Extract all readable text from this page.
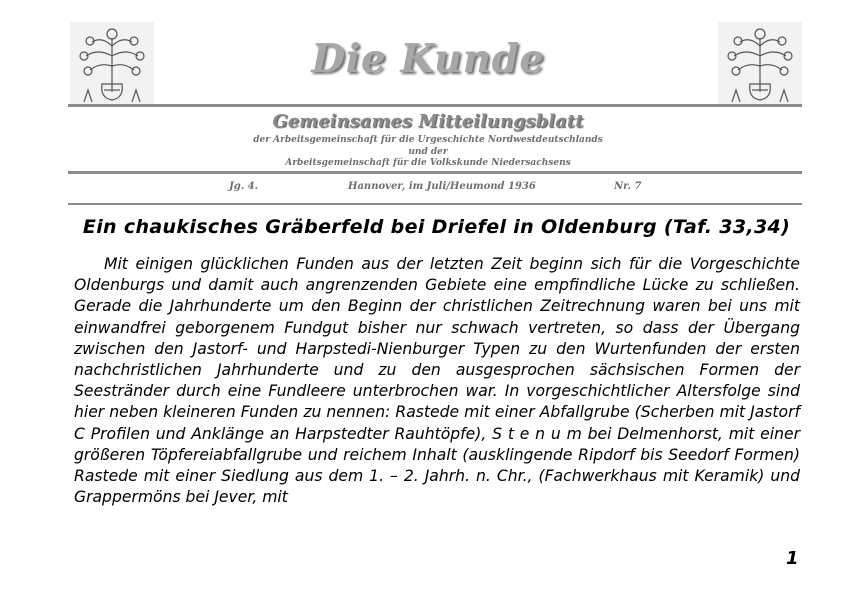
Die Kunde
Gemeinsames Mitteilungsblatt
der Arbeitsgemeinschaft für die Urgeschichte Nordwestdeutschlands
und der
Arbeitsgemeinschaft für die Volkskunde Niedersachsens
Jg. 4.	Hannover, im Juli/Heumond 1936	Nr. 7
Ein chaukisches Gräberfeld bei Driefel in Oldenburg (Taf. 33,34)

Mit einigen glücklichen Funden aus der letzten Zeit beginn sich für die Vorgeschichte Oldenburgs und damit auch angrenzenden Gebiete eine empfindliche Lücke zu schließen. Gerade die Jahrhunderte um den Beginn der christlichen Zeitrechnung waren bei uns mit einwandfrei geborgenem Fundgut bisher nur schwach vertreten, so dass der Übergang zwischen den Jastorf- und Harpstedi-Nienburger Typen zu den Wurtenfunden der ersten nachchristlichen Jahrhunderte und zu den ausgesprochen sächsischen Formen der Seestränder durch eine Fundleere unterbrochen war. In vorgeschichtlicher Altersfolge sind hier neben kleineren Funden zu nennen: Rastede mit einer Abfallgrube (Scherben mit Jastorf C Profilen und Anklänge an Harpstedter Rauhtöpfe), S t e n u m bei Delmenhorst, mit einer größeren Töpfereiabfallgrube und reichem Inhalt (ausklingende Ripdorf bis Seedorf Formen) Rastede mit einer Siedlung aus dem 1. – 2. Jahrh. n. Chr., (Fachwerkhaus mit Keramik) und Grappermöns bei Jever, mit

1
